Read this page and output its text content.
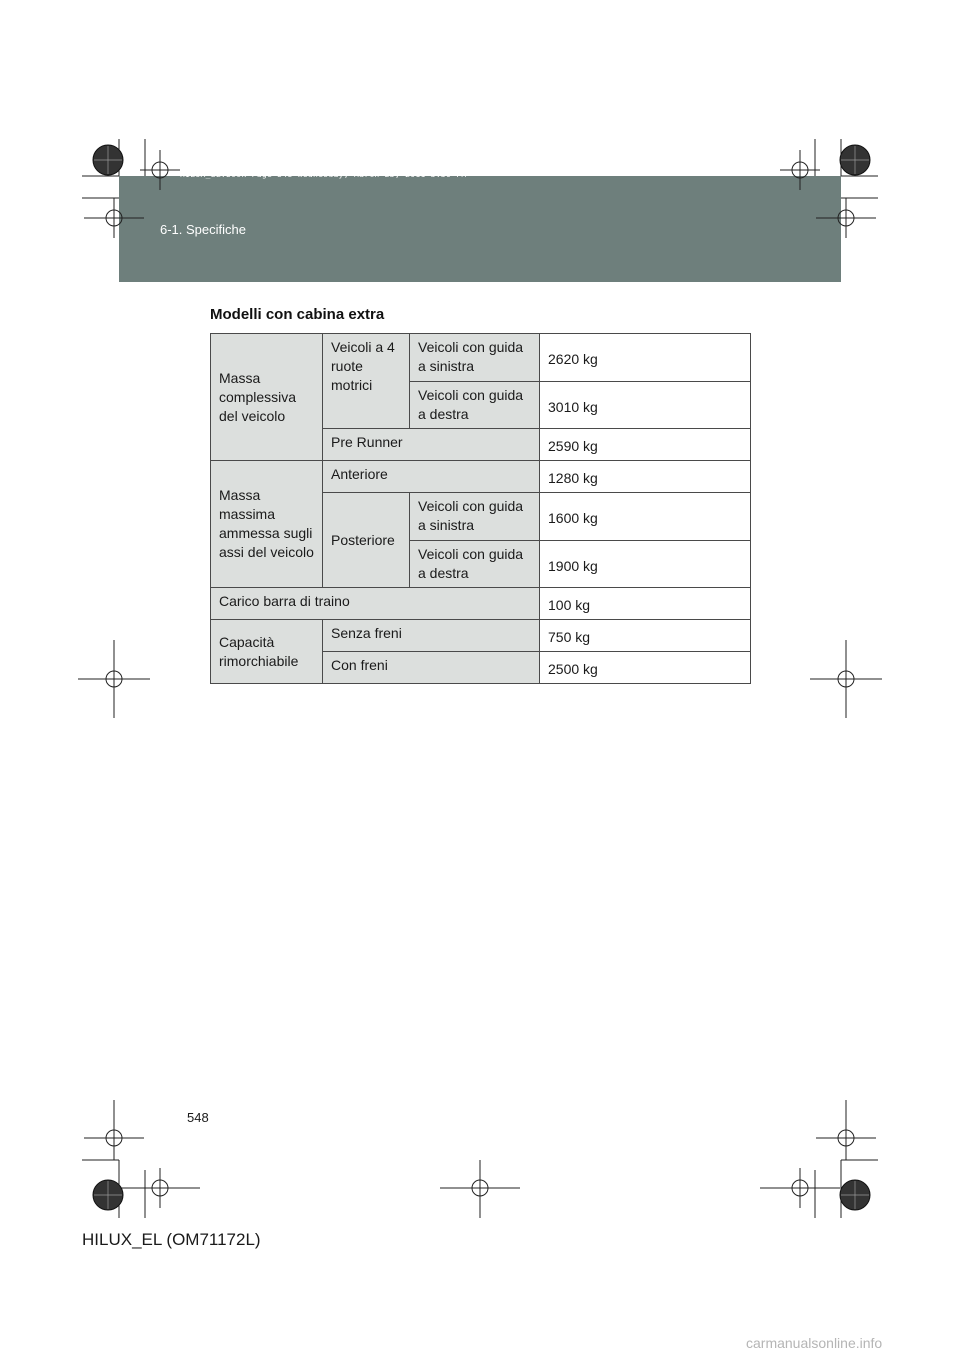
HILUX_EL.book Page 548 Wednesday, March 23, 2011 3:30 PM
6-1. Specifiche
Modelli con cabina extra
Massa complessiva del veicolo	Veicoli a 4 ruote motrici	Veicoli con guida a sinistra	2620 kg
		Veicoli con guida a destra	3010 kg
	Pre Runner		2590 kg
Massa massima ammessa sugli assi del veicolo	Anteriore		1280 kg
	Posteriore	Veicoli con guida a sinistra	1600 kg
		Veicoli con guida a destra	1900 kg
Carico barra di traino			100 kg
Capacità rimorchiabile	Senza freni		750 kg
	Con freni		2500 kg
548
HILUX_EL (OM71172L)
carmanualsonline.info
